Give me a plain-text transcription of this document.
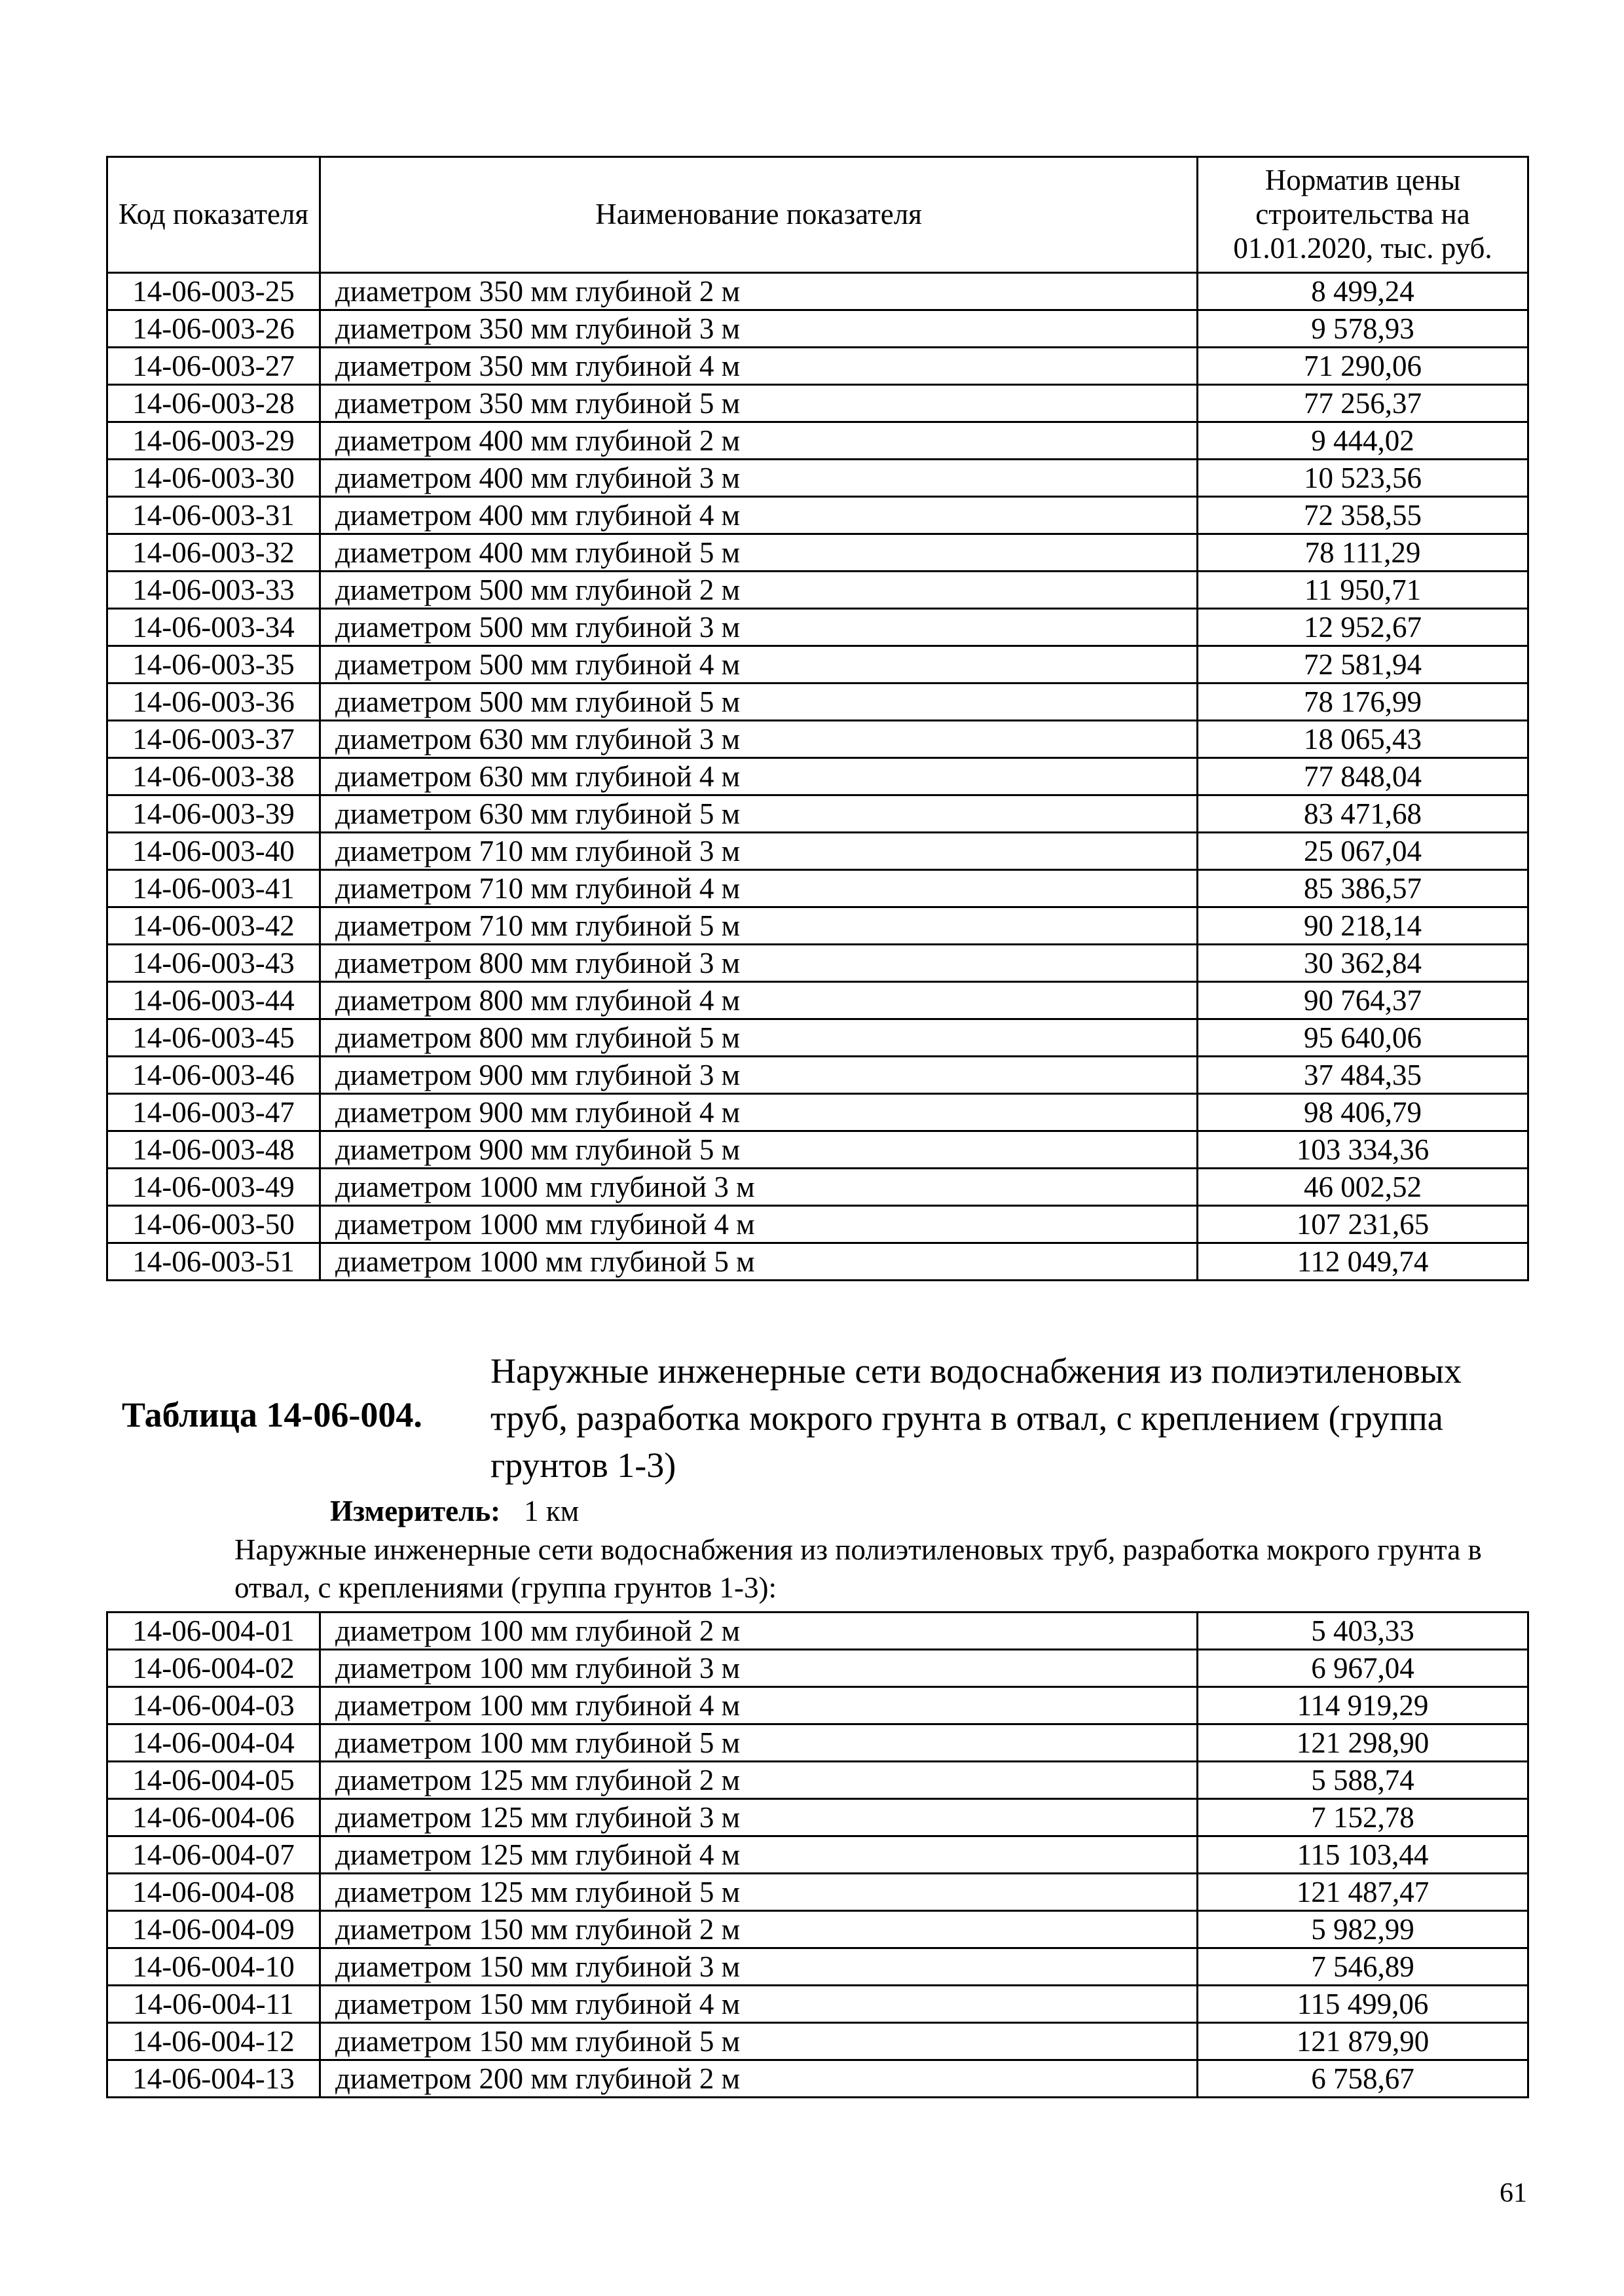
Код показателя	Наименование показателя	Норматив цены строительства на 01.01.2020, тыс. руб.
14-06-003-25	диаметром 350 мм глубиной 2 м	8 499,24
14-06-003-26	диаметром 350 мм глубиной 3 м	9 578,93
14-06-003-27	диаметром 350 мм глубиной 4 м	71 290,06
14-06-003-28	диаметром 350 мм глубиной 5 м	77 256,37
14-06-003-29	диаметром 400 мм глубиной 2 м	9 444,02
14-06-003-30	диаметром 400 мм глубиной 3 м	10 523,56
14-06-003-31	диаметром 400 мм глубиной 4 м	72 358,55
14-06-003-32	диаметром 400 мм глубиной 5 м	78 111,29
14-06-003-33	диаметром 500 мм глубиной 2 м	11 950,71
14-06-003-34	диаметром 500 мм глубиной 3 м	12 952,67
14-06-003-35	диаметром 500 мм глубиной 4 м	72 581,94
14-06-003-36	диаметром 500 мм глубиной 5 м	78 176,99
14-06-003-37	диаметром 630 мм глубиной 3 м	18 065,43
14-06-003-38	диаметром 630 мм глубиной 4 м	77 848,04
14-06-003-39	диаметром 630 мм глубиной 5 м	83 471,68
14-06-003-40	диаметром 710 мм глубиной 3 м	25 067,04
14-06-003-41	диаметром 710 мм глубиной 4 м	85 386,57
14-06-003-42	диаметром 710 мм глубиной 5 м	90 218,14
14-06-003-43	диаметром 800 мм глубиной 3 м	30 362,84
14-06-003-44	диаметром 800 мм глубиной 4 м	90 764,37
14-06-003-45	диаметром 800 мм глубиной 5 м	95 640,06
14-06-003-46	диаметром 900 мм глубиной 3 м	37 484,35
14-06-003-47	диаметром 900 мм глубиной 4 м	98 406,79
14-06-003-48	диаметром 900 мм глубиной 5 м	103 334,36
14-06-003-49	диаметром 1000 мм глубиной 3 м	46 002,52
14-06-003-50	диаметром 1000 мм глубиной 4 м	107 231,65
14-06-003-51	диаметром 1000 мм глубиной 5 м	112 049,74
Таблица 14-06-004.
Наружные инженерные сети водоснабжения из полиэтиленовых труб, разработка мокрого грунта в отвал, с креплением (группа грунтов 1-3)
Измеритель: 1 км
Наружные инженерные сети водоснабжения из полиэтиленовых труб, разработка мокрого грунта в отвал, с креплениями (группа грунтов 1-3):
14-06-004-01	диаметром 100 мм глубиной 2 м	5 403,33
14-06-004-02	диаметром 100 мм глубиной 3 м	6 967,04
14-06-004-03	диаметром 100 мм глубиной 4 м	114 919,29
14-06-004-04	диаметром 100 мм глубиной 5 м	121 298,90
14-06-004-05	диаметром 125 мм глубиной 2 м	5 588,74
14-06-004-06	диаметром 125 мм глубиной 3 м	7 152,78
14-06-004-07	диаметром 125 мм глубиной 4 м	115 103,44
14-06-004-08	диаметром 125 мм глубиной 5 м	121 487,47
14-06-004-09	диаметром 150 мм глубиной 2 м	5 982,99
14-06-004-10	диаметром 150 мм глубиной 3 м	7 546,89
14-06-004-11	диаметром 150 мм глубиной 4 м	115 499,06
14-06-004-12	диаметром 150 мм глубиной 5 м	121 879,90
14-06-004-13	диаметром 200 мм глубиной 2 м	6 758,67
61
